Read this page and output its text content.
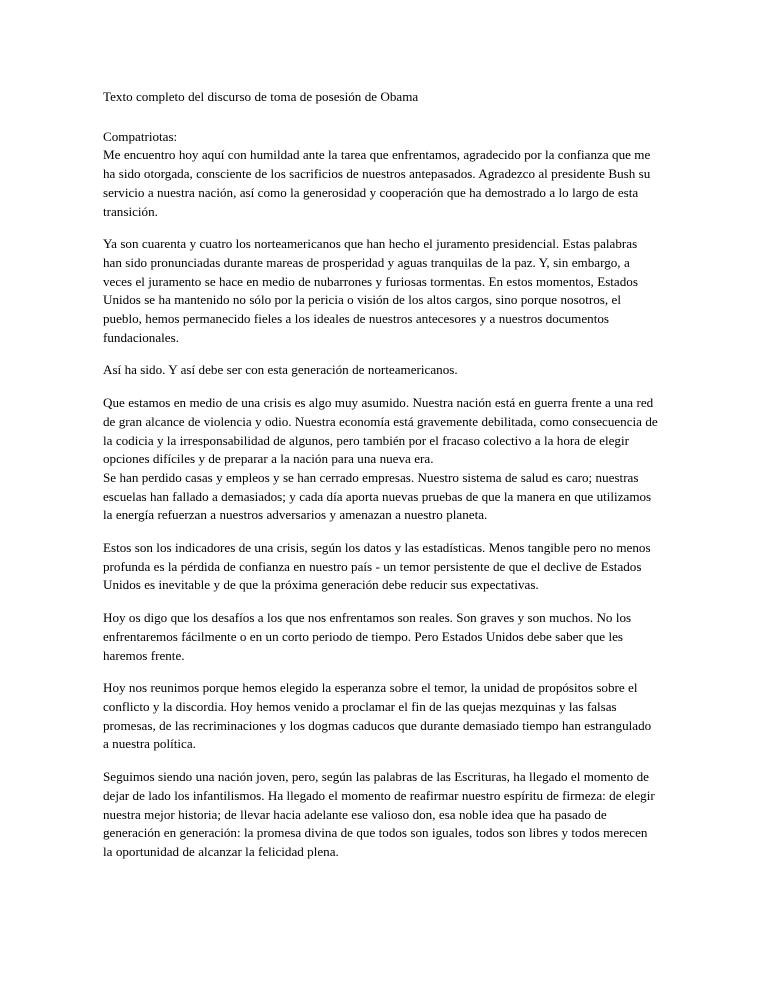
Texto completo del discurso de toma de posesión de Obama

Compatriotas:

Me encuentro hoy aquí con humildad ante la tarea que enfrentamos, agradecido por la confianza que me ha sido otorgada, consciente de los sacrificios de nuestros antepasados. Agradezco al presidente Bush su servicio a nuestra nación, así como la generosidad y cooperación que ha demostrado a lo largo de esta transición.

Ya son cuarenta y cuatro los norteamericanos que han hecho el juramento presidencial. Estas palabras han sido pronunciadas durante mareas de prosperidad y aguas tranquilas de la paz. Y, sin embargo, a veces el juramento se hace en medio de nubarrones y furiosas tormentas. En estos momentos, Estados Unidos se ha mantenido no sólo por la pericia o visión de los altos cargos, sino porque nosotros, el pueblo, hemos permanecido fieles a los ideales de nuestros antecesores y a nuestros documentos fundacionales.

Así ha sido. Y así debe ser con esta generación de norteamericanos.

Que estamos en medio de una crisis es algo muy asumido. Nuestra nación está en guerra frente a una red de gran alcance de violencia y odio. Nuestra economía está gravemente debilitada, como consecuencia de la codicia y la irresponsabilidad de algunos, pero también por el fracaso colectivo a la hora de elegir opciones difíciles y de preparar a la nación para una nueva era.

Se han perdido casas y empleos y se han cerrado empresas. Nuestro sistema de salud es caro; nuestras escuelas han fallado a demasiados; y cada día aporta nuevas pruebas de que la manera en que utilizamos la energía refuerzan a nuestros adversarios y amenazan a nuestro planeta.

Estos son los indicadores de una crisis, según los datos y las estadísticas. Menos tangible pero no menos profunda es la pérdida de confianza en nuestro país - un temor persistente de que el declive de Estados Unidos es inevitable y de que la próxima generación debe reducir sus expectativas.

Hoy os digo que los desafíos a los que nos enfrentamos son reales. Son graves y son muchos. No los enfrentaremos fácilmente o en un corto periodo de tiempo. Pero Estados Unidos debe saber que les haremos frente.

Hoy nos reunimos porque hemos elegido la esperanza sobre el temor, la unidad de propósitos sobre el conflicto y la discordia. Hoy hemos venido a proclamar el fin de las quejas mezquinas y las falsas promesas, de las recriminaciones y los dogmas caducos que durante demasiado tiempo han estrangulado a nuestra política.

Seguimos siendo una nación joven, pero, según las palabras de las Escrituras, ha llegado el momento de dejar de lado los infantilismos. Ha llegado el momento de reafirmar nuestro espíritu de firmeza: de elegir nuestra mejor historia; de llevar hacia adelante ese valioso don, esa noble idea que ha pasado de generación en generación: la promesa divina de que todos son iguales, todos son libres y todos merecen la oportunidad de alcanzar la felicidad plena.
